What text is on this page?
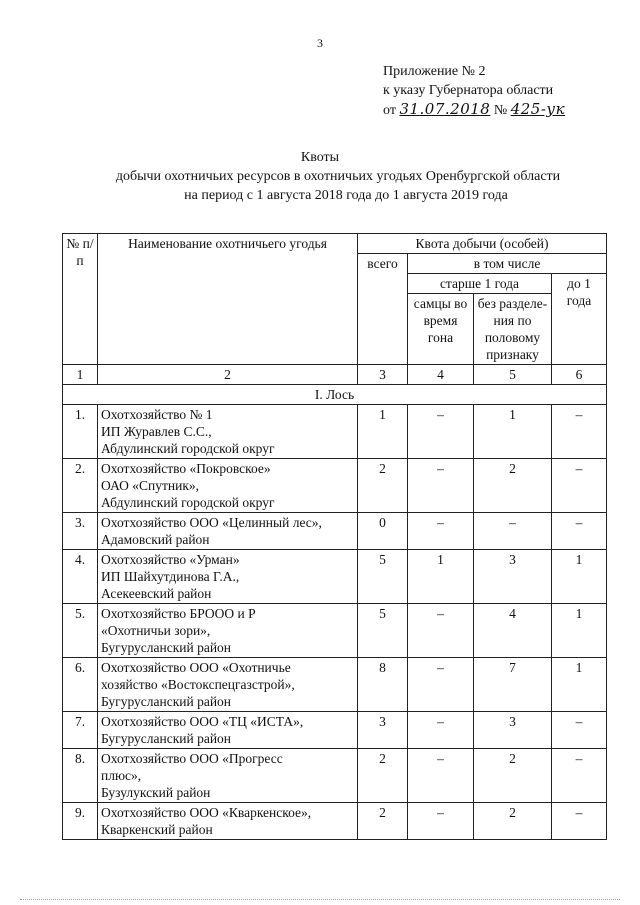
3
Приложение № 2
к указу Губернатора области
от 31.07.2018 № 425-ук
Квоты
добычи охотничьих ресурсов в охотничьих угодьях Оренбургской области
на период с 1 августа 2018 года до 1 августа 2019 года
№ п/п	Наименование охотничьего угодья	Квота добычи (особей)			
		всего	в том числе		
			старше 1 года		до 1 года
			самцы во время гона	без разделе-ния по половому признаку	
1	2	3	4	5	6
I. Лось					
1.	Охотхозяйство № 1
ИП Журавлев С.С.,
Абдулинский городской округ	1	–	1	–
2.	Охотхозяйство «Покровское»
ОАО «Спутник»,
Абдулинский городской округ	2	–	2	–
3.	Охотхозяйство ООО «Целинный лес»,
Адамовский район	0	–	–	–
4.	Охотхозяйство «Урман»
ИП Шайхутдинова Г.А.,
Асекеевский район	5	1	3	1
5.	Охотхозяйство БРООО и Р
«Охотничьи зори»,
Бугурусланский район	5	–	4	1
6.	Охотхозяйство ООО «Охотничье
хозяйство «Востокспецгазстрой»,
Бугурусланский район	8	–	7	1
7.	Охотхозяйство ООО «ТЦ «ИСТА»,
Бугурусланский район	3	–	3	–
8.	Охотхозяйство ООО «Прогресс
плюс»,
Бузулукский район	2	–	2	–
9.	Охотхозяйство ООО «Кваркенское»,
Кваркенский район	2	–	2	–
